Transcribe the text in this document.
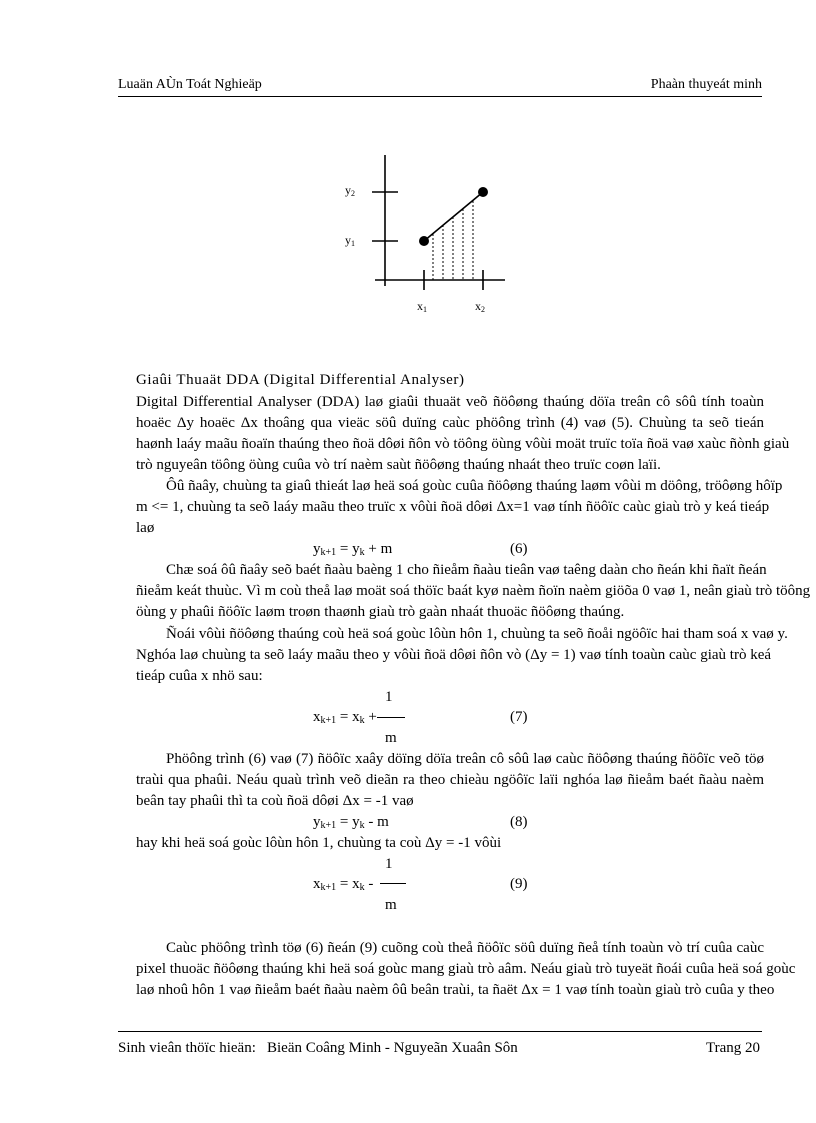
Luaän AÙn Toát Nghieäp	Phaàn thuyeát minh
y2
y1
x1	x2
Giaûi Thuaät DDA (Digital Differential Analyser)
Digital Differential Analyser (DDA) laø giaûi thuaät veõ ñöôøng thaúng döïa treân cô sôû tính toaùn
hoaëc Δy hoaëc Δx thoâng qua vieäc söû duïng caùc phöông trình (4) vaø (5). Chuùng ta seõ tieán
haønh laáy maãu ñoaïn thaúng theo ñoä dôøi ñôn vò töông öùng vôùi moät truïc toïa ñoä vaø xaùc ñònh giaù
trò nguyeân töông öùng cuûa vò trí naèm saùt ñöôøng thaúng nhaát theo truïc coøn laïi.
Ôû ñaây, chuùng ta giaû thieát laø heä soá goùc cuûa ñöôøng thaúng laøm vôùi m döông, tröôøng hôïp
m <= 1, chuùng ta seõ laáy maãu theo truïc x vôùi ñoä dôøi Δx=1 vaø tính ñöôïc caùc giaù trò y keá tieáp
laø
$y_{k+1} = y_k + m$	(6)
Chæ soá ôû ñaây seõ baét ñaàu baèng 1 cho ñieåm ñaàu tieân vaø taêng daàn cho ñeán khi ñaït ñeán
ñieåm keát thuùc. Vì m coù theå laø moät soá thöïc baát kyø naèm ñoïn naèm giöõa 0 vaø 1, neân giaù trò töông
öùng y phaûi ñöôïc laøm troøn thaønh giaù trò gaàn nhaát thuoäc ñöôøng thaúng.
Ñoái vôùi ñöôøng thaúng coù heä soá goùc lôùn hôn 1, chuùng ta seõ ñoåi ngöôïc hai tham soá x vaø y.
Nghóa laø chuùng ta seõ laáy maãu theo y vôùi ñoä dôøi ñôn vò (Δy = 1) vaø tính toaùn caùc giaù trò keá
tieáp cuûa x nhö sau:
1
$x_{k+1} = x_k$ +
m
(7)
Phöông trình (6) vaø (7) ñöôïc xaây döïng döïa treân cô sôû laø caùc ñöôøng thaúng ñöôïc veõ töø
traùi qua phaûi. Neáu quaù trình veõ dieãn ra theo chieàu ngöôïc laïi nghóa laø ñieåm baét ñaàu naèm
beân tay phaûi thì ta coù ñoä dôøi Δx = -1 vaø
$y_{k+1} = y_k - m$	(8)
hay khi heä soá goùc lôùn hôn 1, chuùng ta coù Δy = -1 vôùi
1
$x_{k+1} = x_k$ -
m
(9)
Caùc phöông trình töø (6) ñeán (9) cuõng coù theå ñöôïc söû duïng ñeå tính toaùn vò trí cuûa caùc
pixel thuoäc ñöôøng thaúng khi heä soá goùc mang giaù trò aâm. Neáu giaù trò tuyeät ñoái cuûa heä soá goùc
laø nhoû hôn 1 vaø ñieåm baét ñaàu naèm ôû beân traùi, ta ñaët Δx = 1 vaø tính toaùn giaù trò cuûa y theo
Sinh vieân thöïc hieän: Bieän Coâng Minh - Nguyeãn Xuaân Sôn	Trang 20
